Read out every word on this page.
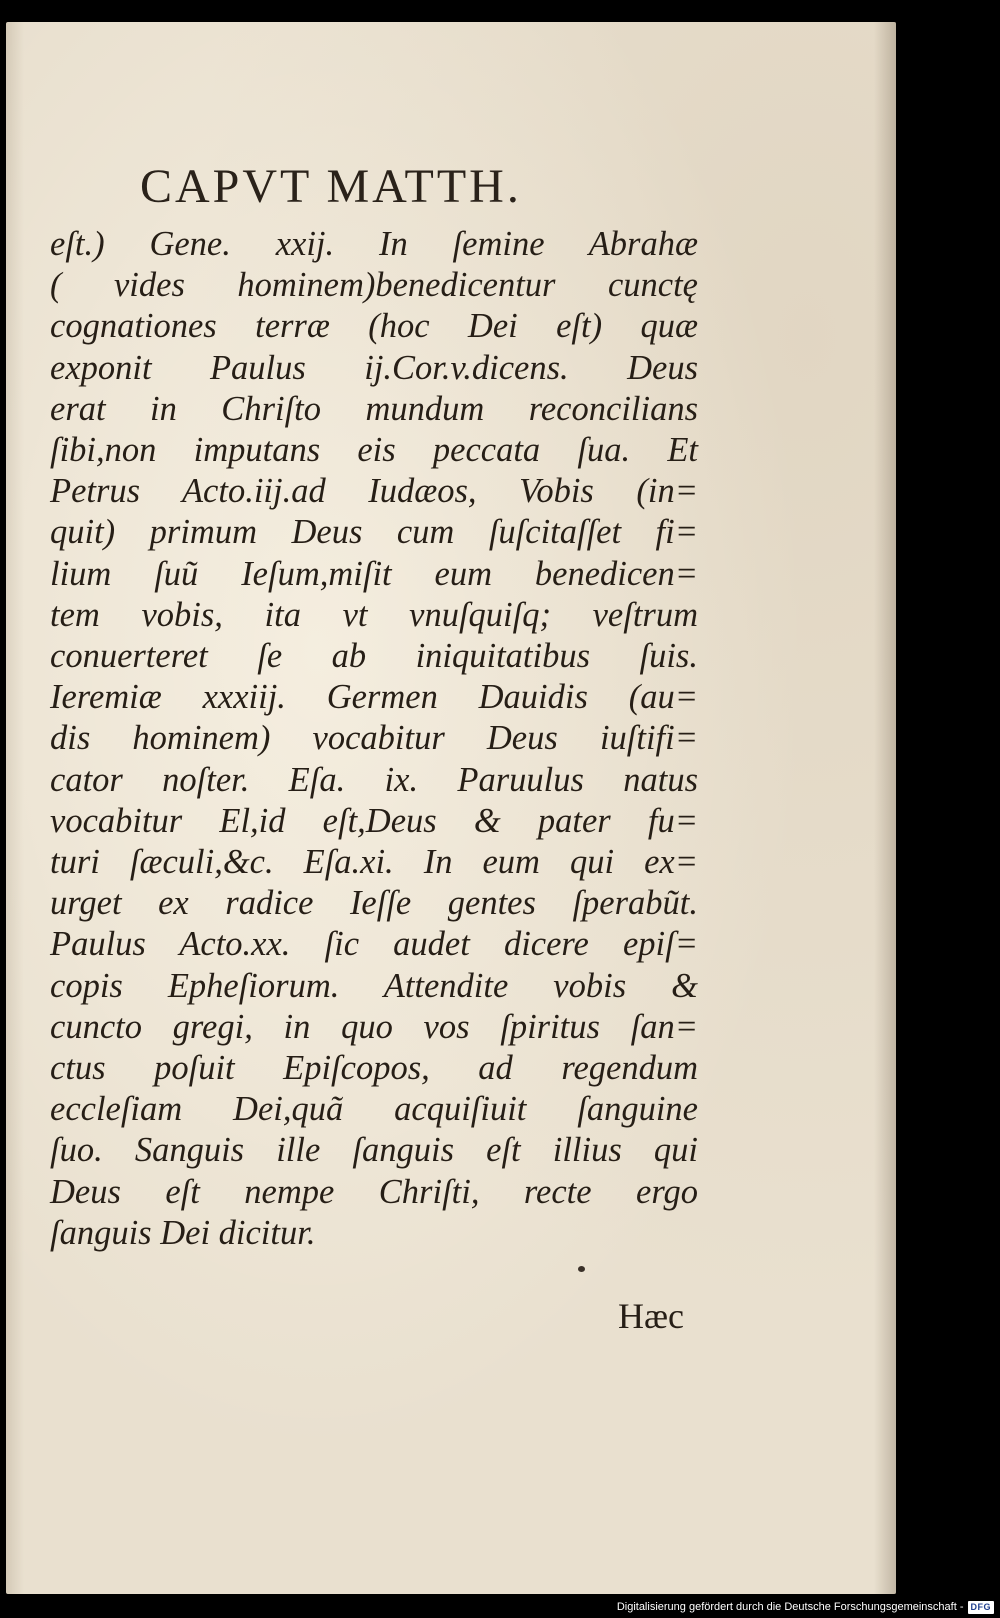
CAPVT MATTH.
eſt.) Gene. xxij. In ſemine Abrahæ
( vides hominem)benedicentur cunctę
cognationes terræ (hoc Dei eſt) quæ
exponit Paulus ij.Cor.v.dicens. Deus
erat in Chriſto mundum reconcilians
ſibi,non imputans eis peccata ſua. Et
Petrus Acto.iij.ad Iudæos, Vobis (in=
quit) primum Deus cum ſuſcitaſſet fi=
lium ſuũ Ieſum,miſit eum benedicen=
tem vobis, ita vt vnuſquiſq; veſtrum
conuerteret ſe ab iniquitatibus ſuis.
Ieremiæ xxxiij. Germen Dauidis (au=
dis hominem) vocabitur Deus iuſtifi=
cator noſter. Eſa. ix. Paruulus natus
vocabitur El,id eſt,Deus & pater fu=
turi ſæculi,&c. Eſa.xi. In eum qui ex=
urget ex radice Ieſſe gentes ſperabũt.
Paulus Acto.xx. ſic audet dicere epiſ=
copis Epheſiorum. Attendite vobis &
cuncto gregi, in quo vos ſpiritus ſan=
ctus poſuit Epiſcopos, ad regendum
eccleſiam Dei,quã acquiſiuit ſanguine
ſuo. Sanguis ille ſanguis eſt illius qui
Deus eſt nempe Chriſti, recte ergo
ſanguis Dei dicitur.
Hæc
Digitalisierung gefördert durch die Deutsche Forschungsgemeinschaft - DFG
